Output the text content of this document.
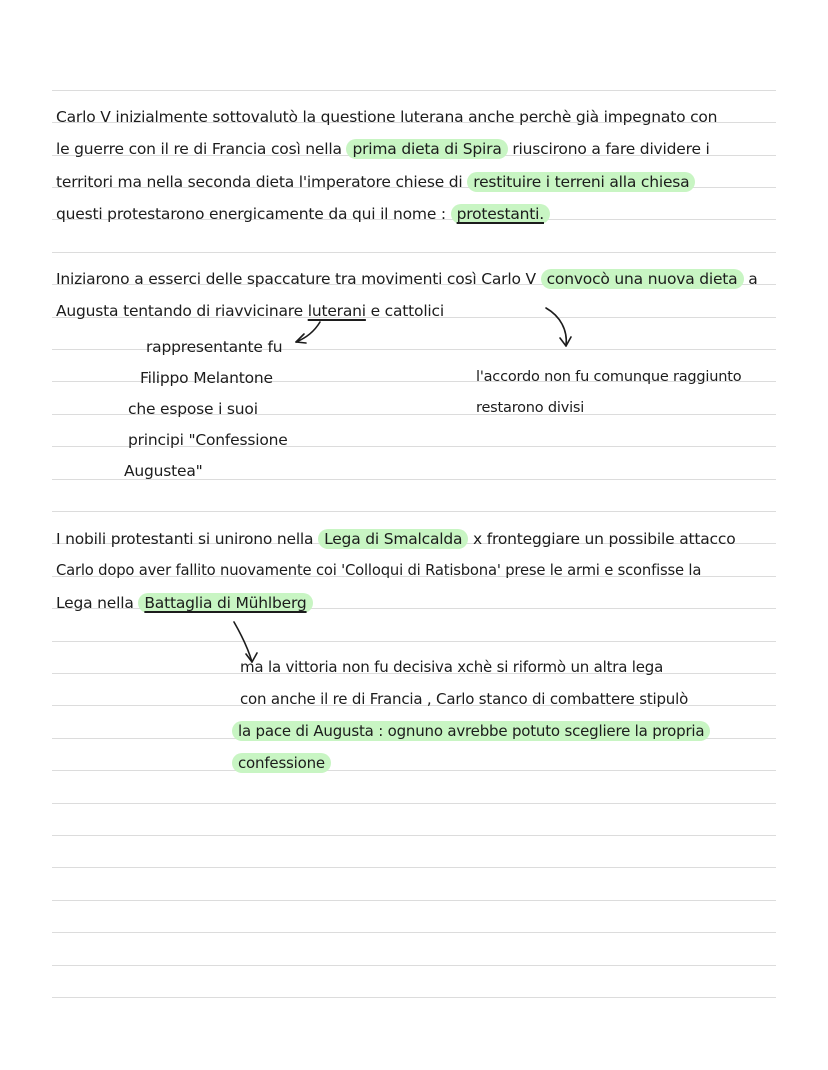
Carlo V inizialmente sottovalutò la questione luterana anche perchè già impegnato con
le guerre con il re di Francia così nella prima dieta di Spira riuscirono a fare dividere i
territori ma nella seconda dieta l'imperatore chiese di restituire i terreni alla chiesa
questi protestarono energicamente da qui il nome : protestanti.
Iniziarono a esserci delle spaccature tra movimenti così Carlo V convocò una nuova dieta a
Augusta tentando di riavvicinare luterani e cattolici
rappresentante fu
Filippo Melantone
che espose i suoi
principi "Confessione
Augustea"
l'accordo non fu comunque raggiunto
restarono divisi
I nobili protestanti si unirono nella Lega di Smalcalda x fronteggiare un possibile attacco
Carlo dopo aver fallito nuovamente coi 'Colloqui di Ratisbona' prese le armi e sconfisse la
Lega nella Battaglia di Mühlberg
ma la vittoria non fu decisiva xchè si riformò un altra lega
con anche il re di Francia , Carlo stanco di combattere stipulò
la pace di Augusta : ognuno avrebbe potuto scegliere la propria
confessione
